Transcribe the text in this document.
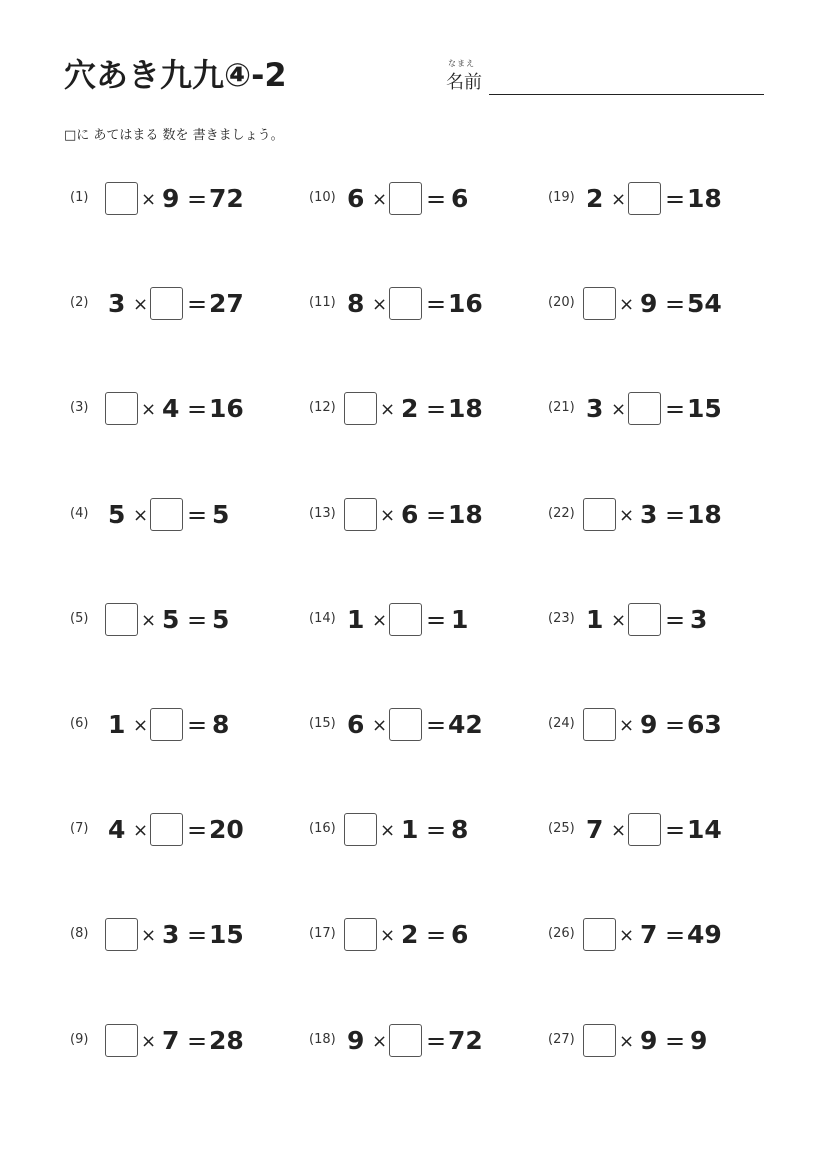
穴あき九九④-2	なまえ
名前
□に あてはまる 数を 書きましょう。
(1)	× 9 = 72
(2) 3 × = 27
(3)	× 4 = 16
(4) 5 × = 5
(5)	× 5 = 5
(6) 1 × = 8
(7) 4 × = 20
(8)	× 3 = 15
(9)	× 7 = 28
(10) 6 × = 6
(11) 8 × = 16
(12) × 2 = 18
(13) × 6 = 18
(14) 1 × = 1
(15) 6 × = 42
(16) × 1 = 8
(17) × 2 = 6
(18) 9 × = 72
(19) 2 × = 18
(20) × 9 = 54
(21) 3 × = 15
(22) × 3 = 18
(23) 1 × = 3
(24) × 9 = 63
(25) 7 × = 14
(26) × 7 = 49
(27) × 9 = 9
